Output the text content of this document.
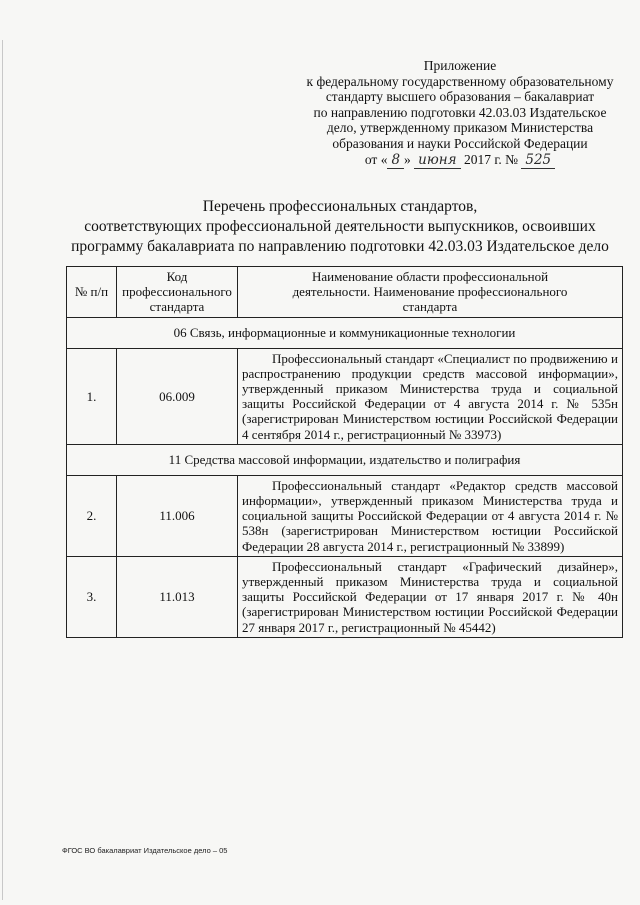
Приложение
к федеральному государственному образовательному
стандарту высшего образования – бакалавриат
по направлению подготовки 42.03.03 Издательское
дело, утвержденному приказом Министерства
образования и науки Российской Федерации
от « 8 » июня 2017 г. № 525
Перечень профессиональных стандартов,
соответствующих профессиональной деятельности выпускников, освоивших
программу бакалавриата по направлению подготовки 42.03.03 Издательское дело
№ п/п	Код профессионального стандарта	Наименование области профессиональной деятельности. Наименование профессионального стандарта
06 Связь, информационные и коммуникационные технологии		
1.	06.009	Профессиональный стандарт «Специалист по продвижению и распространению продукции средств массовой информации», утвержденный приказом Министерства труда и социальной защиты Российской Федерации от 4 августа 2014 г. № 535н (зарегистрирован Министерством юстиции Российской Федерации 4 сентября 2014 г., регистрационный № 33973)
11 Средства массовой информации, издательство и полиграфия		
2.	11.006	Профессиональный стандарт «Редактор средств массовой информации», утвержденный приказом Министерства труда и социальной защиты Российской Федерации от 4 августа 2014 г. № 538н (зарегистрирован Министерством юстиции Российской Федерации 28 августа 2014 г., регистрационный № 33899)
3.	11.013	Профессиональный стандарт «Графический дизайнер», утвержденный приказом Министерства труда и социальной защиты Российской Федерации от 17 января 2017 г. № 40н (зарегистрирован Министерством юстиции Российской Федерации 27 января 2017 г., регистрационный № 45442)
ФГОС ВО бакалавриат Издательское дело – 05
